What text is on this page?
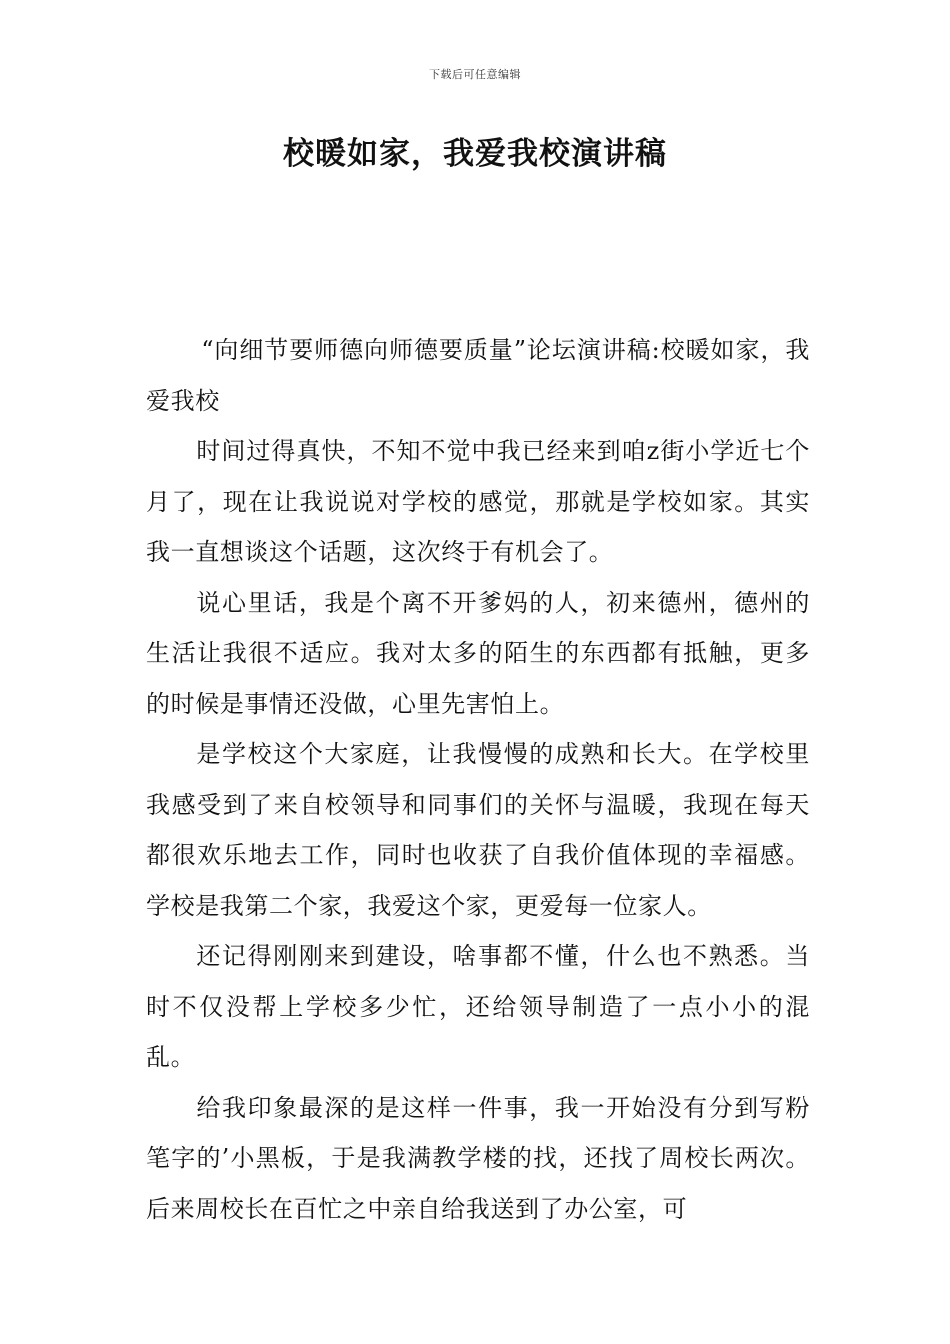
下载后可任意编辑
校暖如家，我爱我校演讲稿

“向细节要师德向师德要质量”论坛演讲稿:校暖如家，我爱我校

时间过得真快，不知不觉中我已经来到咱z街小学近七个月了，现在让我说说对学校的感觉，那就是学校如家。其实我一直想谈这个话题，这次终于有机会了。

说心里话，我是个离不开爹妈的人，初来德州，德州的生活让我很不适应。我对太多的陌生的东西都有抵触，更多的时候是事情还没做，心里先害怕上。

是学校这个大家庭，让我慢慢的成熟和长大。在学校里我感受到了来自校领导和同事们的关怀与温暖，我现在每天都很欢乐地去工作，同时也收获了自我价值体现的幸福感。学校是我第二个家，我爱这个家，更爱每一位家人。

还记得刚刚来到建设，啥事都不懂，什么也不熟悉。当时不仅没帮上学校多少忙，还给领导制造了一点小小的混乱。

给我印象最深的是这样一件事，我一开始没有分到写粉笔字的’小黑板，于是我满教学楼的找，还找了周校长两次。后来周校长在百忙之中亲自给我送到了办公室，可
